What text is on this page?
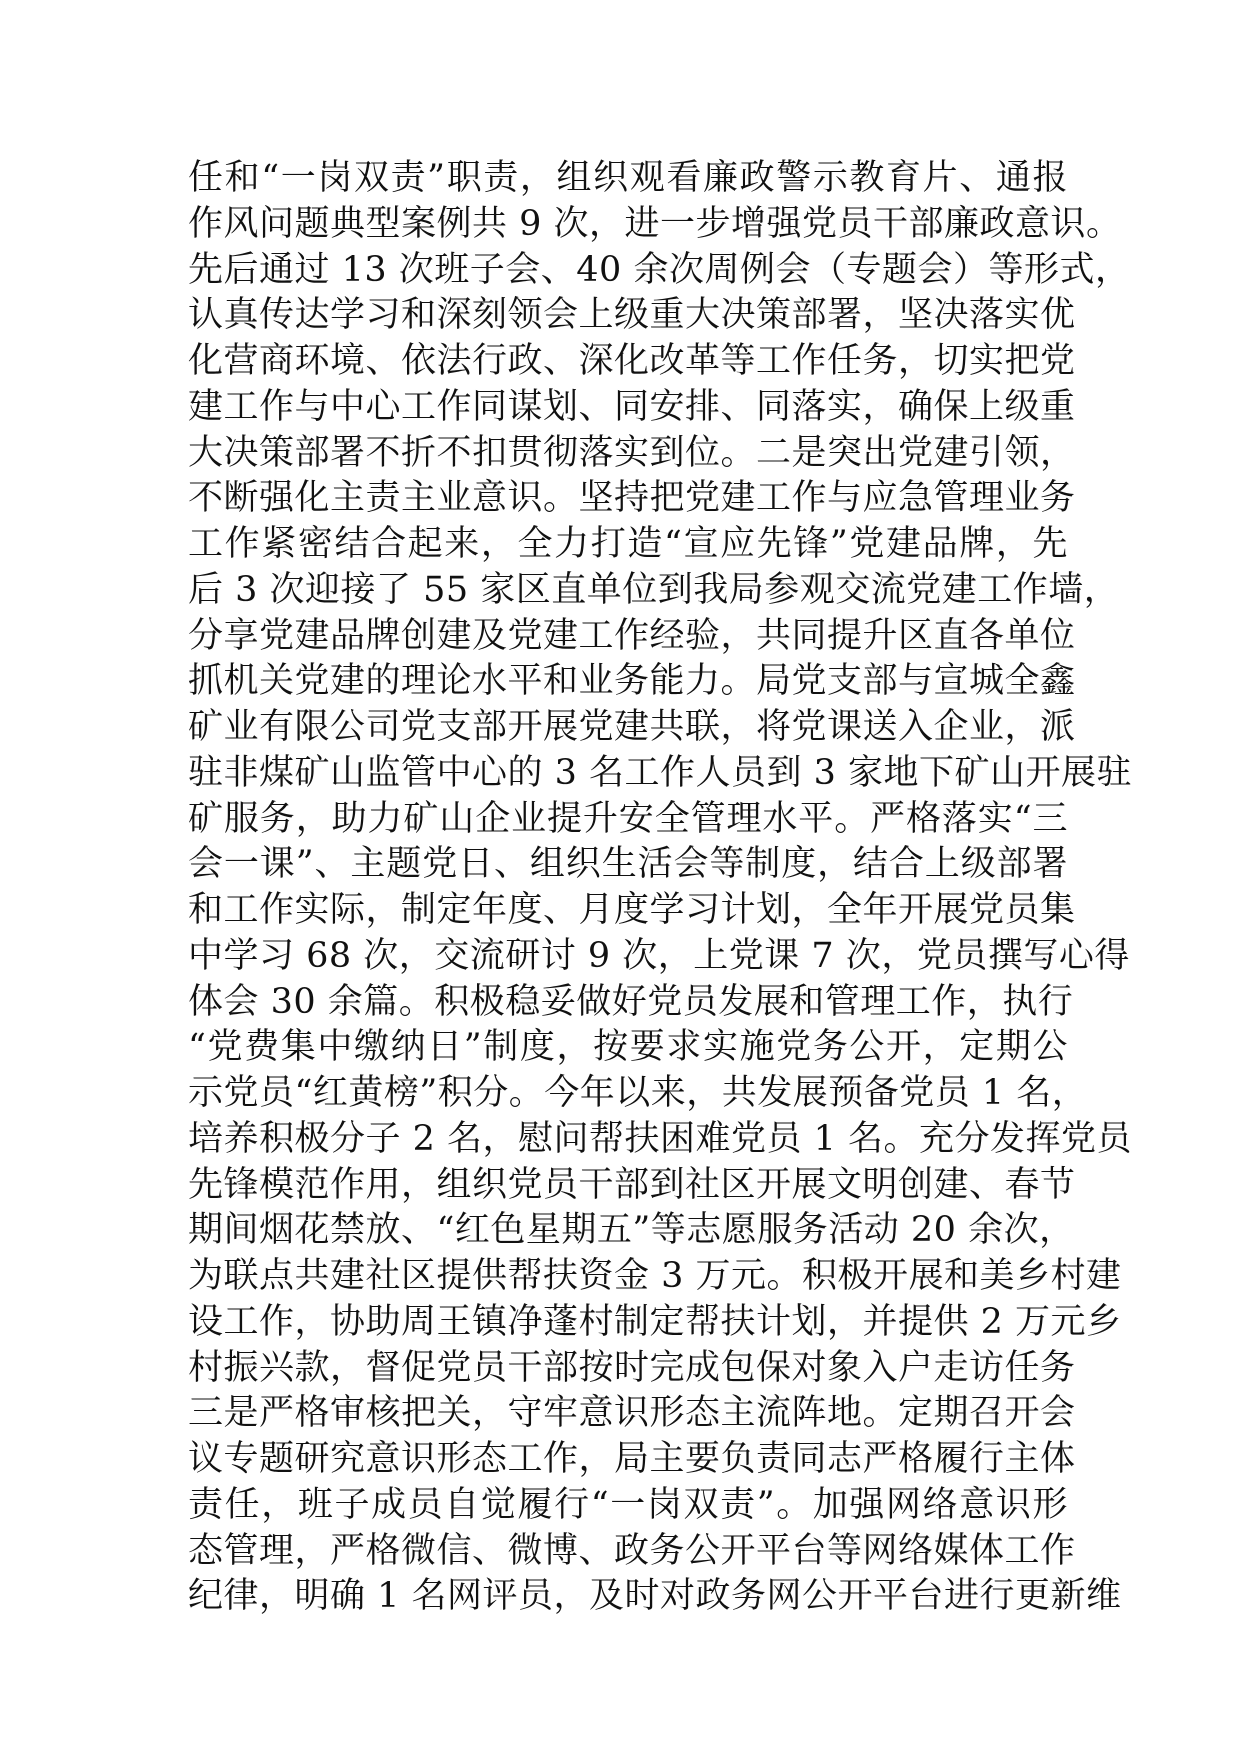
任和“一岗双责”职责，组织观看廉政警示教育片、通报
作风问题典型案例共 9 次，进一步增强党员干部廉政意识。
先后通过 13 次班子会、40 余次周例会（专题会）等形式，
认真传达学习和深刻领会上级重大决策部署，坚决落实优
化营商环境、依法行政、深化改革等工作任务，切实把党
建工作与中心工作同谋划、同安排、同落实，确保上级重
大决策部署不折不扣贯彻落实到位。二是突出党建引领，
不断强化主责主业意识。坚持把党建工作与应急管理业务
工作紧密结合起来，全力打造“宣应先锋”党建品牌，先
后 3 次迎接了 55 家区直单位到我局参观交流党建工作墙，
分享党建品牌创建及党建工作经验，共同提升区直各单位
抓机关党建的理论水平和业务能力。局党支部与宣城全鑫
矿业有限公司党支部开展党建共联，将党课送入企业，派
驻非煤矿山监管中心的 3 名工作人员到 3 家地下矿山开展驻
矿服务，助力矿山企业提升安全管理水平。严格落实“三
会一课”、主题党日、组织生活会等制度，结合上级部署
和工作实际，制定年度、月度学习计划，全年开展党员集
中学习 68 次，交流研讨 9 次，上党课 7 次，党员撰写心得
体会 30 余篇。积极稳妥做好党员发展和管理工作，执行
“党费集中缴纳日”制度，按要求实施党务公开，定期公
示党员“红黄榜”积分。今年以来，共发展预备党员 1 名，
培养积极分子 2 名，慰问帮扶困难党员 1 名。充分发挥党员
先锋模范作用，组织党员干部到社区开展文明创建、春节
期间烟花禁放、“红色星期五”等志愿服务活动 20 余次，
为联点共建社区提供帮扶资金 3 万元。积极开展和美乡村建
设工作，协助周王镇净蓬村制定帮扶计划，并提供 2 万元乡
村振兴款，督促党员干部按时完成包保对象入户走访任务
三是严格审核把关，守牢意识形态主流阵地。定期召开会
议专题研究意识形态工作，局主要负责同志严格履行主体
责任，班子成员自觉履行“一岗双责”。加强网络意识形
态管理，严格微信、微博、政务公开平台等网络媒体工作
纪律，明确 1 名网评员，及时对政务网公开平台进行更新维
